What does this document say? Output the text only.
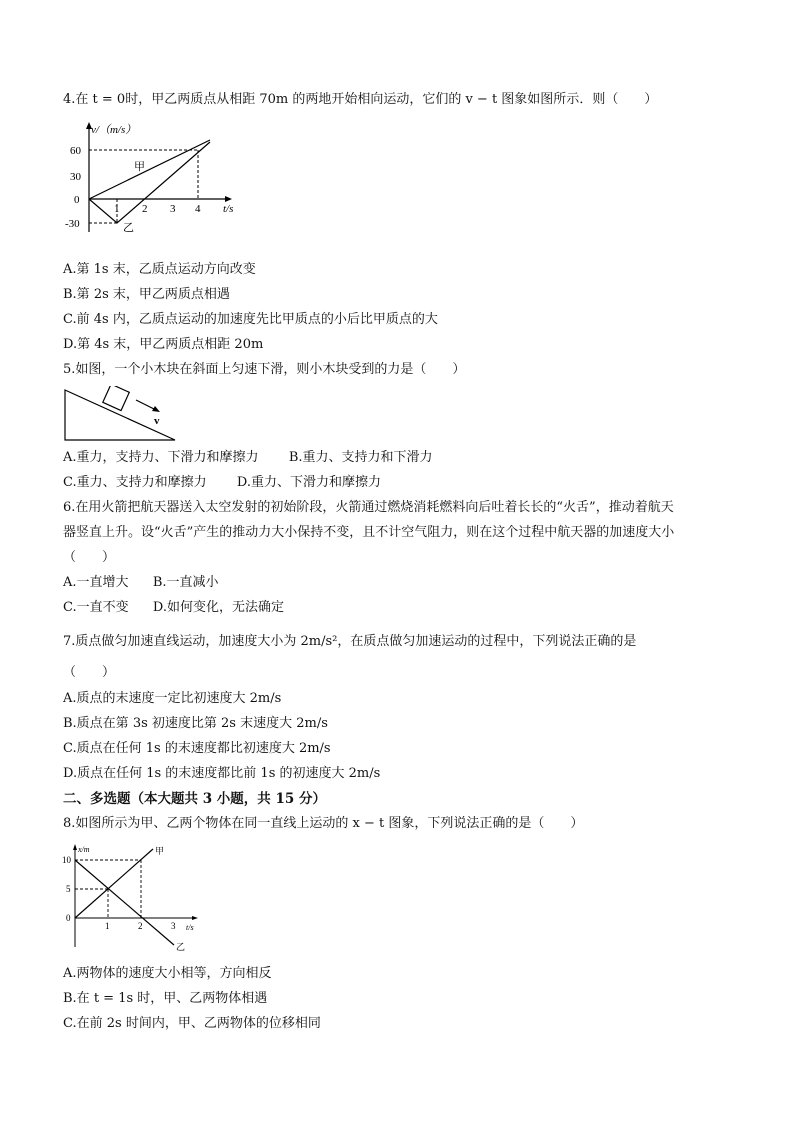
4.在 t = 0时，甲乙两质点从相距 70m 的两地开始相向运动，它们的 v − t 图象如图所示．则（　　）
60
30
0
-30
1 2 3 4
v/（m/s）
t/s
甲
乙
A.第 1s 末，乙质点运动方向改变
B.第 2s 末，甲乙两质点相遇
C.前 4s 内，乙质点运动的加速度先比甲质点的小后比甲质点的大
D.第 4s 末，甲乙两质点相距 20m
5.如图，一个小木块在斜面上匀速下滑，则小木块受到的力是（　　）
v
A.重力，支持力、下滑力和摩擦力 B.重力、支持力和下滑力
C.重力、支持力和摩擦力 D.重力、下滑力和摩擦力
6.在用火箭把航天器送入太空发射的初始阶段，火箭通过燃烧消耗燃料向后吐着长长的“火舌”，推动着航天
器竖直上升。设“火舌”产生的推动力大小保持不变，且不计空气阻力，则在这个过程中航天器的加速度大小
（　　）
A.一直增大 B.一直减小
C.一直不变 D.如何变化，无法确定
7.质点做匀加速直线运动，加速度大小为 2m/s²，在质点做匀加速运动的过程中，下列说法正确的是
（　　）
A.质点的末速度一定比初速度大 2m/s
B.质点在第 3s 初速度比第 2s 末速度大 2m/s
C.质点在任何 1s 的末速度都比初速度大 2m/s
D.质点在任何 1s 的末速度都比前 1s 的初速度大 2m/s
二、多选题（本大题共 3 小题，共 15 分）
8.如图所示为甲、乙两个物体在同一直线上运动的 x − t 图象，下列说法正确的是（　　）
10
5
0
1	2	3
x/m
t/s
甲
乙
A.两物体的速度大小相等，方向相反
B.在 t = 1s 时，甲、乙两物体相遇
C.在前 2s 时间内，甲、乙两物体的位移相同
